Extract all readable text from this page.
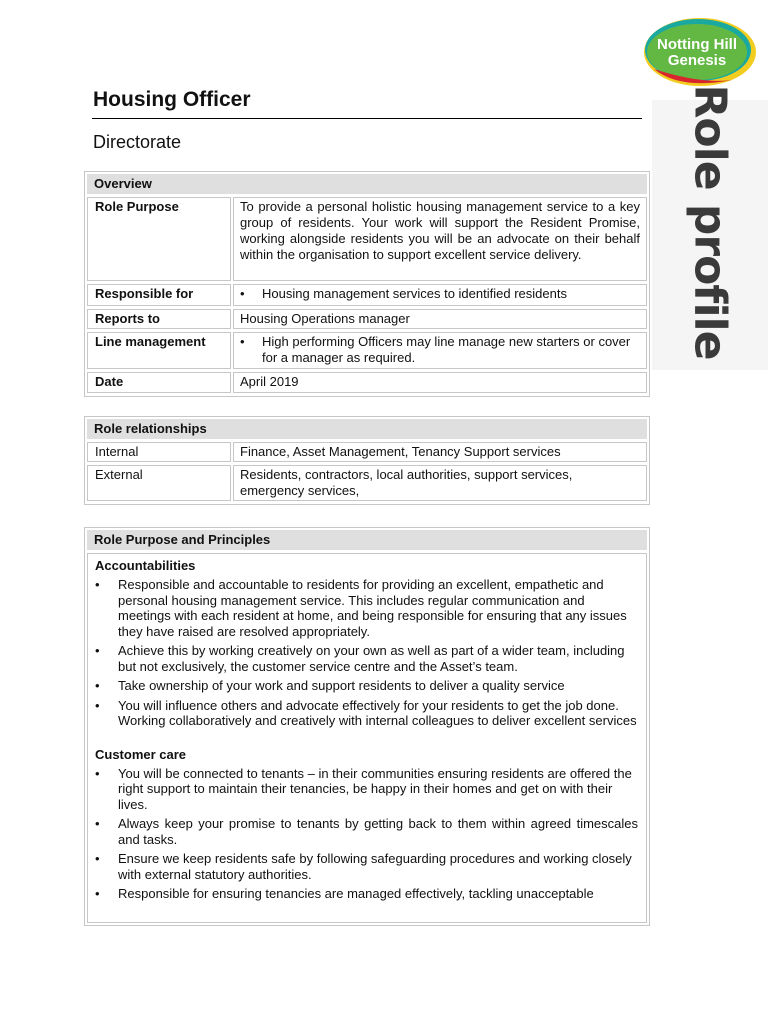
Notting Hill
Genesis
Role profile
Housing Officer
Directorate
Overview
Role Purpose	To provide a personal holistic housing management service to a key group of residents. Your work will support the Resident Promise, working alongside residents you will be an advocate on their behalf within the organisation to support excellent service delivery.
Responsible for	•	Housing management services to identified residents
Reports to	Housing Operations manager
Line management	•	High performing Officers may line manage new starters or cover for a manager as required.
Date	April 2019
Role relationships
Internal	Finance, Asset Management, Tenancy Support services
External	Residents, contractors, local authorities, support services, emergency services,
Role Purpose and Principles
Accountabilities
•	Responsible and accountable to residents for providing an excellent, empathetic and personal housing management service. This includes regular communication and meetings with each resident at home, and being responsible for ensuring that any issues they have raised are resolved appropriately.
•	Achieve this by working creatively on your own as well as part of a wider team, including but not exclusively, the customer service centre and the Asset’s team.
•	Take ownership of your work and support residents to deliver a quality service
•	You will influence others and advocate effectively for your residents to get the job done. Working collaboratively and creatively with internal colleagues to deliver excellent services
Customer care
•	You will be connected to tenants – in their communities ensuring residents are offered the right support to maintain their tenancies, be happy in their homes and get on with their lives.
•	Always keep your promise to tenants by getting back to them within agreed timescales and tasks.
•	Ensure we keep residents safe by following safeguarding procedures and working closely with external statutory authorities.
•	Responsible for ensuring tenancies are managed effectively, tackling unacceptable
